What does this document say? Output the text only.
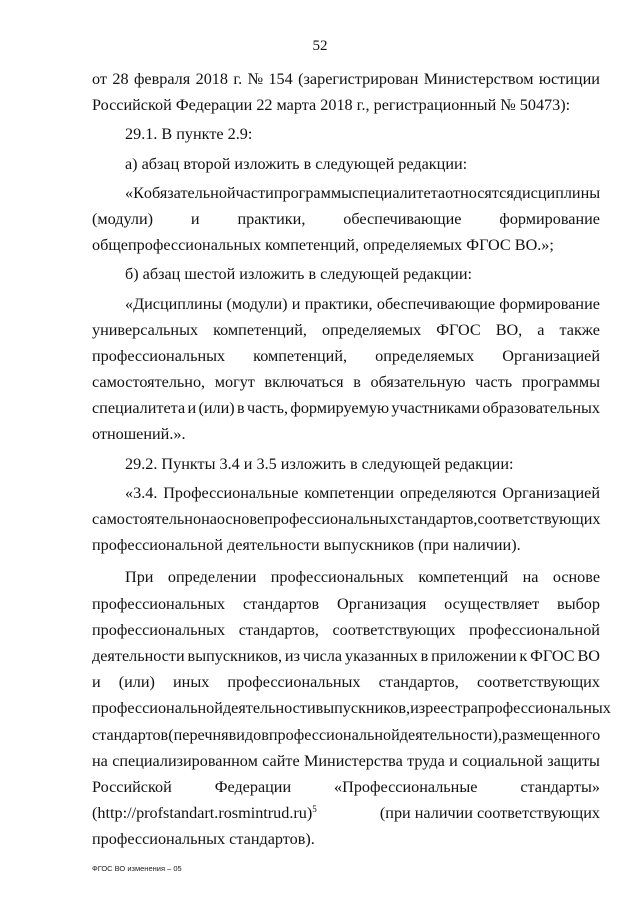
52
от 28 февраля 2018 г. № 154 (зарегистрирован Министерством юстиции
Российской Федерации 22 марта 2018 г., регистрационный № 50473):
29.1. В пункте 2.9:
а) абзац второй изложить в следующей редакции:
«К обязательной части программы специалитета относятся дисциплины
(модули) и практики, обеспечивающие формирование
общепрофессиональных компетенций, определяемых ФГОС ВО.»;
б) абзац шестой изложить в следующей редакции:
«Дисциплины (модули) и практики, обеспечивающие формирование
универсальных компетенций, определяемых ФГОС ВО, а также
профессиональных компетенций, определяемых Организацией
самостоятельно, могут включаться в обязательную часть программы
специалитета и (или) в часть, формируемую участниками образовательных
отношений.».
29.2. Пункты 3.4 и 3.5 изложить в следующей редакции:
«3.4. Профессиональные компетенции определяются Организацией
самостоятельно на основе профессиональных стандартов, соответствующих
профессиональной деятельности выпускников (при наличии).
При определении профессиональных компетенций на основе
профессиональных стандартов Организация осуществляет выбор
профессиональных стандартов, соответствующих профессиональной
деятельности выпускников, из числа указанных в приложении к ФГОС ВО
и (или) иных профессиональных стандартов, соответствующих
профессиональной деятельности выпускников, из реестра профессиональных
стандартов (перечня видов профессиональной деятельности), размещенного
на специализированном сайте Министерства труда и социальной защиты
Российской	Федерации	«Профессиональные	стандарты»
(http://profstandart.rosmintrud.ru)$^5$	(при наличии соответствующих
профессиональных стандартов).
ФГОС ВО изменения – 05
